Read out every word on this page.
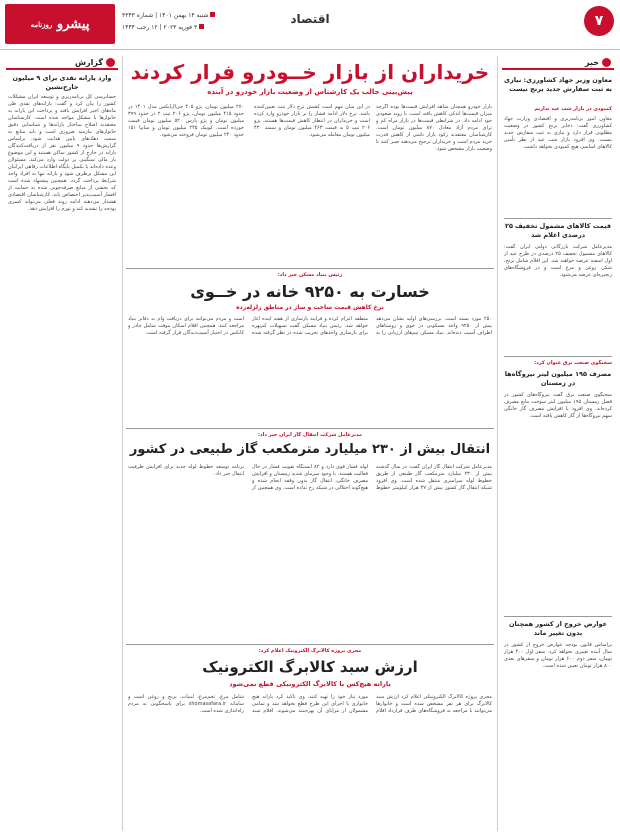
پیشرو

روزنامه
شنبه ۱۴ بهمن ۱۴۰۱ | شماره ۳۳۴۳
۳ فوریه ۲۰۲۳ | ۱۲ رجب ۱۴۴۴
اقتصاد	۷
خبر
معاون وزیر جهاد کشاورزی: نیازی به ثبت سفارش جدید برنج نیست
کمبودی در بازار شب عید نداریم
معاون امور برنامه‌ریزی و اقتصادی وزارت جهاد کشاورزی گفت: ذخایر برنج کشور در وضعیت مطلوبی قرار دارد و نیازی به ثبت سفارش جدید نیست. وی افزود بازار شب عید از نظر تأمین کالاهای اساسی هیچ کمبودی نخواهد داشت.
قیمت کالاهای مشمول تخفیف ۲۵ درصدی اعلام شد
مدیرعامل شرکت بازرگانی دولتی ایران گفت: کالاهای مشمول تخفیف ۲۵ درصدی در طرح عید از اول اسفند عرضه خواهند شد. این اقلام شامل برنج، شکر، روغن و مرغ است و در فروشگاه‌های زنجیره‌ای عرضه می‌شود.
سخنگوی صنعت برق عنوان کرد:
مصرف ۱۹۵ میلیون لیتر نیروگاه‌ها در زمستان
سخنگوی صنعت برق گفت نیروگاه‌های کشور در فصل زمستان ۱۹۵ میلیون لیتر سوخت مایع مصرف کرده‌اند. وی افزود با افزایش مصرف گاز خانگی سهم نیروگاه‌ها از گاز کاهش یافته است.
عوارض خروج از کشور همچنان بدون تغییر ماند
براساس قانون بودجه عوارض خروج از کشور در سال آینده تغییری نخواهد کرد. سفر اول ۴۰۰ هزار تومان، سفر دوم ۶۰۰ هزار تومان و سفرهای بعدی ۸۰۰ هزار تومان تعیین شده است.
گزارش
وارد یارانه نقدی برای ۹ میلیون خارج‌نشین
حسابرسی کل برنامه‌ریزی و توسعه ایران مشکلات کشور را بیان کرد و گفت: یارانه‌های نقدی طی ماه‌های اخیر افزایش یافته و پرداخت این یارانه به خانوارها با مشکل مواجه شده است. کارشناسان معتقدند اصلاح ساختار یارانه‌ها و شناسایی دقیق خانوارهای نیازمند ضروری است و باید منابع به سمت دهک‌های پایین هدایت شود. براساس گزارش‌ها حدود ۹ میلیون نفر از دریافت‌کنندگان یارانه در خارج از کشور ساکن هستند و این موضوع بار مالی سنگینی بر دولت وارد می‌کند. مسئولان وعده داده‌اند با تکمیل پایگاه اطلاعات رفاهی ایرانیان این مشکل برطرف شود و یارانه تنها به افراد واجد شرایط پرداخت گردد. همچنین پیشنهاد شده است که بخشی از منابع صرفه‌جویی شده به حمایت از اقشار آسیب‌پذیر اختصاص یابد. کارشناسان اقتصادی هشدار می‌دهند ادامه روند فعلی می‌تواند کسری بودجه را تشدید کند و تورم را افزایش دهد.
خریداران از بازار خــودرو فرار کردند
پیش‌بینی جالب یک کارشناس از وضعیت بازار خودرو در آینده
بازار خودرو همچنان شاهد افزایش قیمت‌ها بوده اگرچه میزان قیمت‌ها اندکی کاهش یافته است. با روند صعودی خود ادامه داد. در شرایطی قیمت‌ها در بازار مراه کم و برای مردم آزاد معادل ۸۷۰ میلیون تومان است. کارشناسان معتقدند رکود بازار ناشی از کاهش قدرت خرید مردم است و خریداران ترجیح می‌دهند صبر کنند تا وضعیت بازار مشخص شود.
در این میان مهم است کشش نرخ دلار ثبت تعیین‌کننده باشد. نرخ دلار ادامه فشار را بر بازار خودرو وارد کرده است و خریداران در انتظار کاهش قیمت‌ها هستند. پژو ۲۰۶ تیپ ۵ به قیمت ۴۶۳ میلیون تومان و سمند ۴۳۰ میلیون تومان معامله می‌شود.
۲۷۰ میلیون تومان، پژو ۴۰۵ جی‌ال‌ایکس مدل ۱۴۰۱ در حدود ۴۱۵ میلیون تومان، پژو ۲۰۶ تیپ ۲ در حدود ۳۹۹ میلیون تومان و پژو پارس ۵۲۰ میلیون تومان قیمت خورده است. کوییک ۲۴۵ میلیون تومان و سایپا ۱۵۱ حدود ۲۴۰ میلیون تومان فروخته می‌شود.
رئیس بنیاد مسکن خبر داد:
خسارت به ۹۲۵۰ خانه در خــوی
نرخ کاهش قیمت ساخت و ساز در مناطق زلزله‌زده
۲۵۰ مورد بسته است. بررسی‌های اولیه نشان می‌دهد بیش از ۹۲۵۰ واحد مسکونی در خوی و روستاهای اطراف آسیب دیده‌اند. بنیاد مسکن تیم‌های ارزیابی را به منطقه اعزام کرده و فرآیند بازسازی از هفته آینده آغاز خواهد شد. رئیس بنیاد مسکن گفت تسهیلات کم‌بهره برای بازسازی واحدهای تخریب شده در نظر گرفته شده است و مردم می‌توانند برای دریافت وام به دفاتر بنیاد مراجعه کنند. همچنین اقلام اسکان موقت شامل چادر و کانکس در اختیار آسیب‌دیدگان قرار گرفته است.
مدیرعامل شرکت انتقال گاز ایران خبر داد:
انتقال بیش از ۲۳۰ میلیارد مترمکعب گاز طبیعی در کشور
مدیرعامل شرکت انتقال گاز ایران گفت: در سال گذشته بیش از ۲۳۰ میلیارد مترمکعب گاز طبیعی از طریق خطوط لوله سراسری منتقل شده است. وی افزود شبکه انتقال گاز کشور بیش از ۳۷ هزار کیلومتر خطوط لوله فشار قوی دارد و ۸۲ ایستگاه تقویت فشار در حال فعالیت هستند. با وجود سرمای شدید زمستان و افزایش مصرف خانگی، انتقال گاز بدون وقفه انجام شده و هیچ‌گونه اختلالی در شبکه رخ نداده است. وی همچنین از برنامه توسعه خطوط لوله جدید برای افزایش ظرفیت انتقال خبر داد.
مجری پروژه کالابرگ الکترونیک اعلام کرد:
ارزش سبد کالابرگ الکترونیک
یارانه هیچ‌کس با کالابرگ الکترونیکی قطع نمی‌شود
مجری پروژه کالابرگ الکترونیکی اعلام کرد ارزش سبد کالابرگ برای هر نفر مشخص شده است و خانوارها می‌توانند با مراجعه به فروشگاه‌های طرف قرارداد اقلام مورد نیاز خود را تهیه کنند. وی تأکید کرد یارانه هیچ خانواری با اجرای این طرح قطع نخواهد شد و تمامی مشمولان از مزایای آن بهره‌مند می‌شوند. اقلام سبد شامل مرغ، تخم‌مرغ، لبنیات، برنج و روغن است و سامانه shomasafara.ir برای پاسخگویی به مردم راه‌اندازی شده است.
